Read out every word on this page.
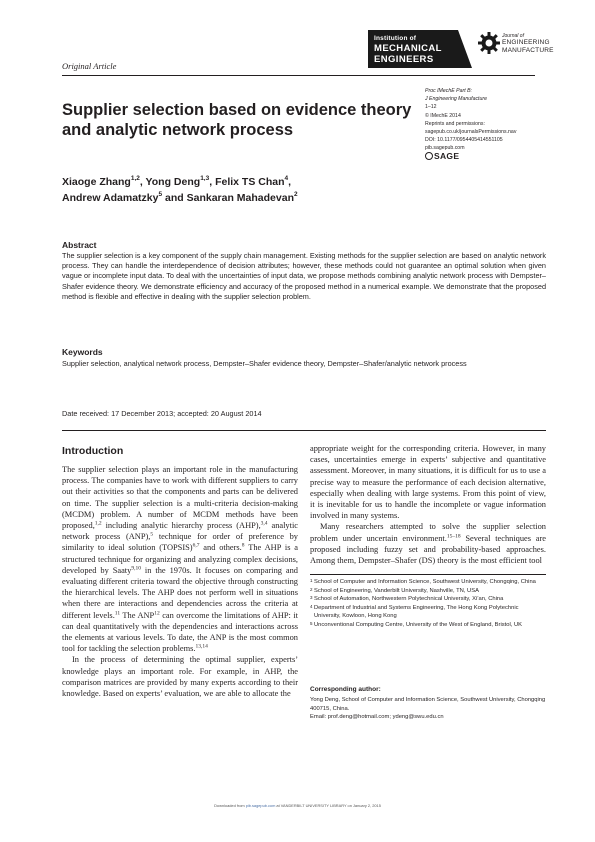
Original Article
Institution of
MECHANICAL
ENGINEERS
Journal of
ENGINEERING
MANUFACTURE
Proc IMechE Part B:
J Engineering Manufacture
1–12
© IMechE 2014
Reprints and permissions:
sagepub.co.uk/journalsPermissions.nav
DOI: 10.1177/0954405414551105
pib.sagepub.com
SAGE
Supplier selection based on evidence theory and analytic network process
Xiaoge Zhang$^{1,2}$, Yong Deng$^{1,3}$, Felix TS Chan$^4$,
Andrew Adamatzky$^5$ and Sankaran Mahadevan$^2$
Abstract
The supplier selection is a key component of the supply chain management. Existing methods for the supplier selection are based on analytic network process. They can handle the interdependence of decision attributes; however, these methods could not guarantee an optimal solution when given vague or incomplete input data. To deal with the uncertainties of input data, we propose methods combining analytic network process with Dempster–Shafer evidence theory. We demonstrate efficiency and accuracy of the proposed method in a numerical example. We demonstrate that the proposed method is flexible and effective in dealing with the supplier selection problem.
Keywords
Supplier selection, analytical network process, Dempster–Shafer evidence theory, Dempster–Shafer/analytic network process
Date received: 17 December 2013; accepted: 20 August 2014
Introduction

The supplier selection plays an important role in the manufacturing process. The companies have to work with different suppliers to carry out their activities so that the components and parts can be delivered on time. The supplier selection is a multi-criteria decision-making (MCDM) problem. A number of MCDM methods have been proposed,$^{1,2}$ including analytic hierarchy process (AHP),$^{3,4}$ analytic network process (ANP),$^5$ technique for order of preference by similarity to ideal solution (TOPSIS)$^{6,7}$ and others.$^8$ The AHP is a structured technique for organizing and analyzing complex decisions, developed by Saaty$^{9,10}$ in the 1970s. It focuses on comparing and evaluating different criteria toward the objective through constructing the hierarchical levels. The AHP does not perform well in situations when there are interactions and dependencies across the criteria at different levels.$^{11}$ The ANP$^{12}$ can overcome the limitations of AHP: it can deal quantitatively with the dependencies and interactions across the elements at various levels. To date, the ANP is the most common tool for tackling the selection problems.$^{13,14}$

In the process of determining the optimal supplier, experts’ knowledge plays an important role. For example, in AHP, the comparison matrices are provided by many experts according to their knowledge. Based on experts’ evaluation, we are able to allocate the

appropriate weight for the corresponding criteria. However, in many cases, uncertainties emerge in experts’ subjective and quantitative assessment. Moreover, in many situations, it is difficult for us to use a precise way to measure the performance of each decision alternative, especially when dealing with large systems. From this point of view, it is inevitable for us to handle the incomplete or vague information involved in many systems.

Many researchers attempted to solve the supplier selection problem under uncertain environment.$^{15-18}$ Several techniques are proposed including fuzzy set and probability-based approaches. Among them, Dempster–Shafer (DS) theory is the most efficient tool

1 School of Computer and Information Science, Southwest University, Chongqing, China
2 School of Engineering, Vanderbilt University, Nashville, TN, USA
3 School of Automation, Northwestern Polytechnical University, Xi’an, China
4 Department of Industrial and Systems Engineering, The Hong Kong Polytechnic University, Kowloon, Hong Kong
5 Unconventional Computing Centre, University of the West of England, Bristol, UK
Corresponding author:
Yong Deng, School of Computer and Information Science, Southwest University, Chongqing 400715, China.
Email: prof.deng@hotmail.com; ydeng@swu.edu.cn
Downloaded from pib.sagepub.com at VANDERBILT UNIVERSITY LIBRARY on January 2, 2015
